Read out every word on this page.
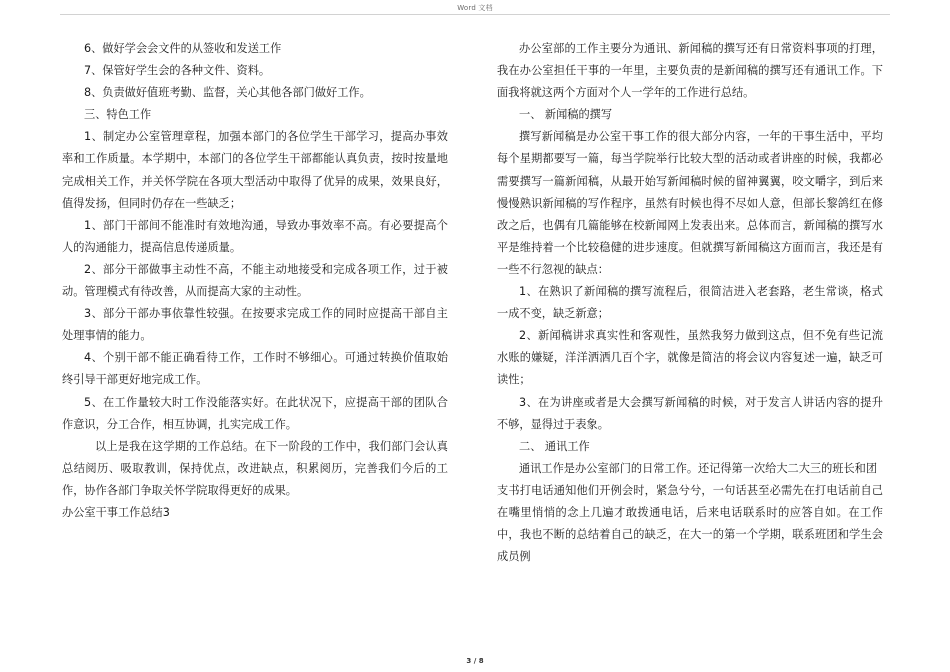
Word 文档

6、做好学会会文件的从签收和发送工作

7、保管好学生会的各种文件、资料。

8、负责做好值班考勤、监督，关心其他各部门做好工作。

三、特色工作

1、制定办公室管理章程，加强本部门的各位学生干部学习，提高办事效率和工作质量。本学期中，本部门的各位学生干部都能认真负责，按时按量地完成相关工作，并关怀学院在各项大型活动中取得了优异的成果，效果良好，值得发扬，但同时仍存在一些缺乏；

1、部门干部间不能准时有效地沟通，导致办事效率不高。有必要提高个人的沟通能力，提高信息传递质量。

2、部分干部做事主动性不高，不能主动地接受和完成各项工作，过于被动。管理模式有待改善，从而提高大家的主动性。

3、部分干部办事依靠性较强。在按要求完成工作的同时应提高干部自主处理事情的能力。

4、个别干部不能正确看待工作，工作时不够细心。可通过转换价值取始终引导干部更好地完成工作。

5、在工作量较大时工作没能落实好。在此状况下，应提高干部的团队合作意识，分工合作，相互协调，扎实完成工作。

以上是我在这学期的工作总结。在下一阶段的工作中，我们部门会认真总结阅历、吸取教训，保持优点，改进缺点，积累阅历，完善我们今后的工作，协作各部门争取关怀学院取得更好的成果。

办公室干事工作总结3

办公室部的工作主要分为通讯、新闻稿的撰写还有日常资料事项的打理，我在办公室担任干事的一年里，主要负责的是新闻稿的撰写还有通讯工作。下面我将就这两个方面对个人一学年的工作进行总结。

一、 新闻稿的撰写

撰写新闻稿是办公室干事工作的很大部分内容，一年的干事生活中，平均每个星期都要写一篇，每当学院举行比较大型的活动或者讲座的时候，我都必需要撰写一篇新闻稿，从最开始写新闻稿时候的留神翼翼，咬文嚼字，到后来慢慢熟识新闻稿的写作程序，虽然有时候也得不尽如人意，但部长黎鸽红在修改之后，也偶有几篇能够在校新闻网上发表出来。总体而言，新闻稿的撰写水平是维持着一个比较稳健的进步速度。但就撰写新闻稿这方面而言，我还是有一些不行忽视的缺点：

1、在熟识了新闻稿的撰写流程后，很简洁进入老套路，老生常谈，格式一成不变，缺乏新意；

2、新闻稿讲求真实性和客观性，虽然我努力做到这点，但不免有些记流水账的嫌疑，洋洋洒洒几百个字，就像是简洁的将会议内容复述一遍，缺乏可读性；

3、在为讲座或者是大会撰写新闻稿的时候，对于发言人讲话内容的提升不够，显得过于表象。

二、 通讯工作

通讯工作是办公室部门的日常工作。还记得第一次给大二大三的班长和团

支书打电话通知他们开例会时，紧急兮兮，一句话甚至必需先在打电话前自己在嘴里悄悄的念上几遍才敢拨通电话，后来电话联系时的应答自如。在工作中，我也不断的总结着自己的缺乏，在大一的第一个学期，联系班团和学生会成员例

3 / 8
